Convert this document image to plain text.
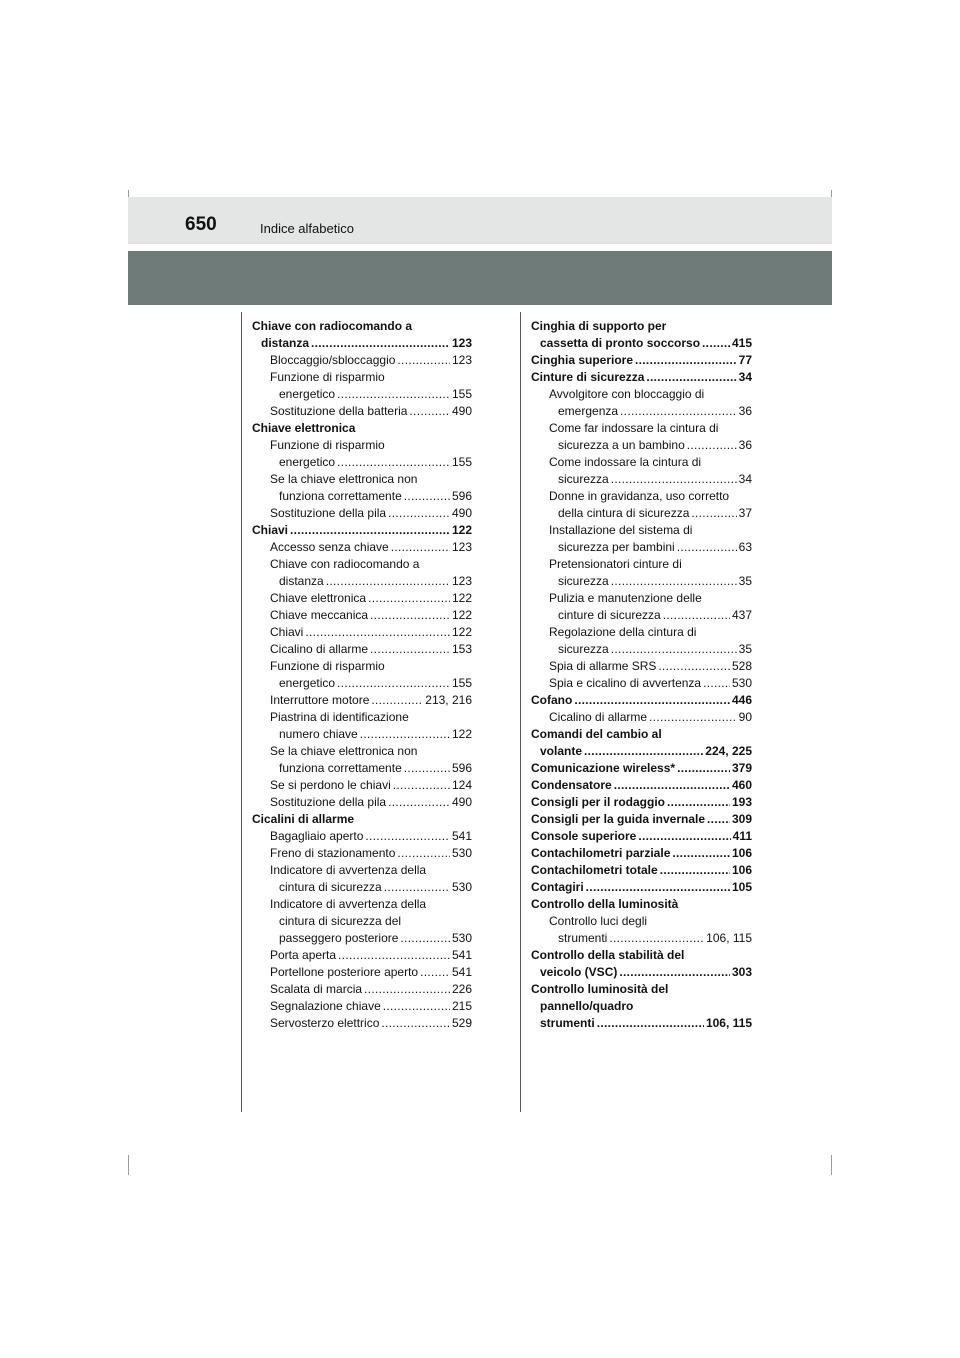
650	Indice alfabetico
Chiave con radiocomando a
distanza .....	123
Bloccaggio/sbloccaggio .....	123
Funzione di risparmio
energetico .....	155
Sostituzione della batteria .....	490
Chiave elettronica
Funzione di risparmio
energetico .....	155
Se la chiave elettronica non
funziona correttamente .....	596
Sostituzione della pila .....	490
Chiavi .....	122
Accesso senza chiave .....	123
Chiave con radiocomando a
distanza .....	123
Chiave elettronica .....	122
Chiave meccanica .....	122
Chiavi .....	122
Cicalino di allarme .....	153
Funzione di risparmio
energetico .....	155
Interruttore motore .....	213, 216
Piastrina di identificazione
numero chiave .....	122
Se la chiave elettronica non
funziona correttamente .....	596
Se si perdono le chiavi .....	124
Sostituzione della pila .....	490
Cicalini di allarme
Bagagliaio aperto .....	541
Freno di stazionamento .....	530
Indicatore di avvertenza della
cintura di sicurezza .....	530
Indicatore di avvertenza della
cintura di sicurezza del
passeggero posteriore .....	530
Porta aperta .....	541
Portellone posteriore aperto .....	541
Scalata di marcia .....	226
Segnalazione chiave .....	215
Servosterzo elettrico .....	529
Cinghia di supporto per
cassetta di pronto soccorso .....	415
Cinghia superiore .....	77
Cinture di sicurezza .....	34
Avvolgitore con bloccaggio di
emergenza .....	36
Come far indossare la cintura di
sicurezza a un bambino .....	36
Come indossare la cintura di
sicurezza .....	34
Donne in gravidanza, uso corretto
della cintura di sicurezza .....	37
Installazione del sistema di
sicurezza per bambini .....	63
Pretensionatori cinture di
sicurezza .....	35
Pulizia e manutenzione delle
cinture di sicurezza .....	437
Regolazione della cintura di
sicurezza .....	35
Spia di allarme SRS .....	528
Spia e cicalino di avvertenza .....	530
Cofano .....	446
Cicalino di allarme .....	90
Comandi del cambio al
volante .....	224, 225
Comunicazione wireless * .....	379
Condensatore .....	460
Consigli per il rodaggio .....	193
Consigli per la guida invernale ..... 309
Console superiore .....	411
Contachilometri parziale .....	106
Contachilometri totale .....	106
Contagiri .....	105
Controllo della luminosità
Controllo luci degli
strumenti .....	106, 115
Controllo della stabilità del
veicolo (VSC) .....	303
Controllo luminosità del
pannello/quadro
strumenti .....	106, 115
